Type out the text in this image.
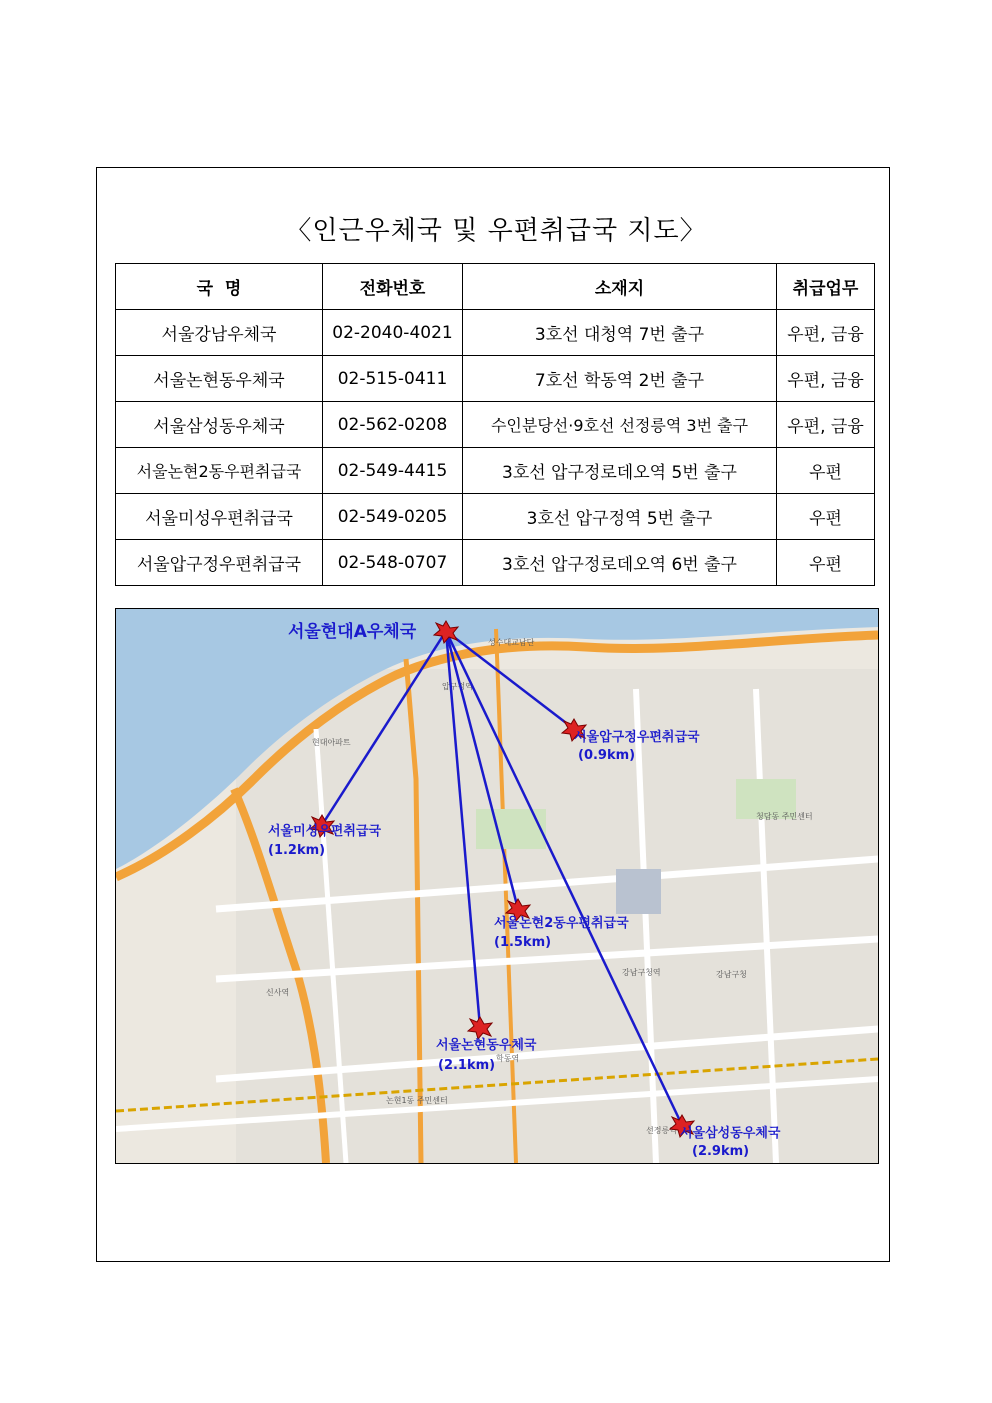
〈인근우체국 및 우편취급국 지도〉
국  명	전화번호	소재지	취급업무
서울강남우체국	02-2040-4021	3호선 대청역 7번 출구	우편, 금융
서울논현동우체국	02-515-0411	7호선 학동역 2번 출구	우편, 금융
서울삼성동우체국	02-562-0208	수인분당선·9호선 선정릉역 3번 출구	우편, 금융
서울논현2동우편취급국	02-549-4415	3호선 압구정로데오역 5번 출구	우편
서울미성우편취급국	02-549-0205	3호선 압구정역 5번 출구	우편
서울압구정우편취급국	02-548-0707	3호선 압구정로데오역 6번 출구	우편
신사역
강남구청역
선정릉역
학동역
압구정역
논현1동 주민센터
청담동 주민센터
강남구청
성수대교남단
현대아파트
서울현대A우체국
서울압구정우편취급국
(0.9km)
서울미성우편취급국
(1.2km)
서울논현2동우편취급국
(1.5km)
서울논현동우체국
(2.1km)
서울삼성동우체국
(2.9km)
